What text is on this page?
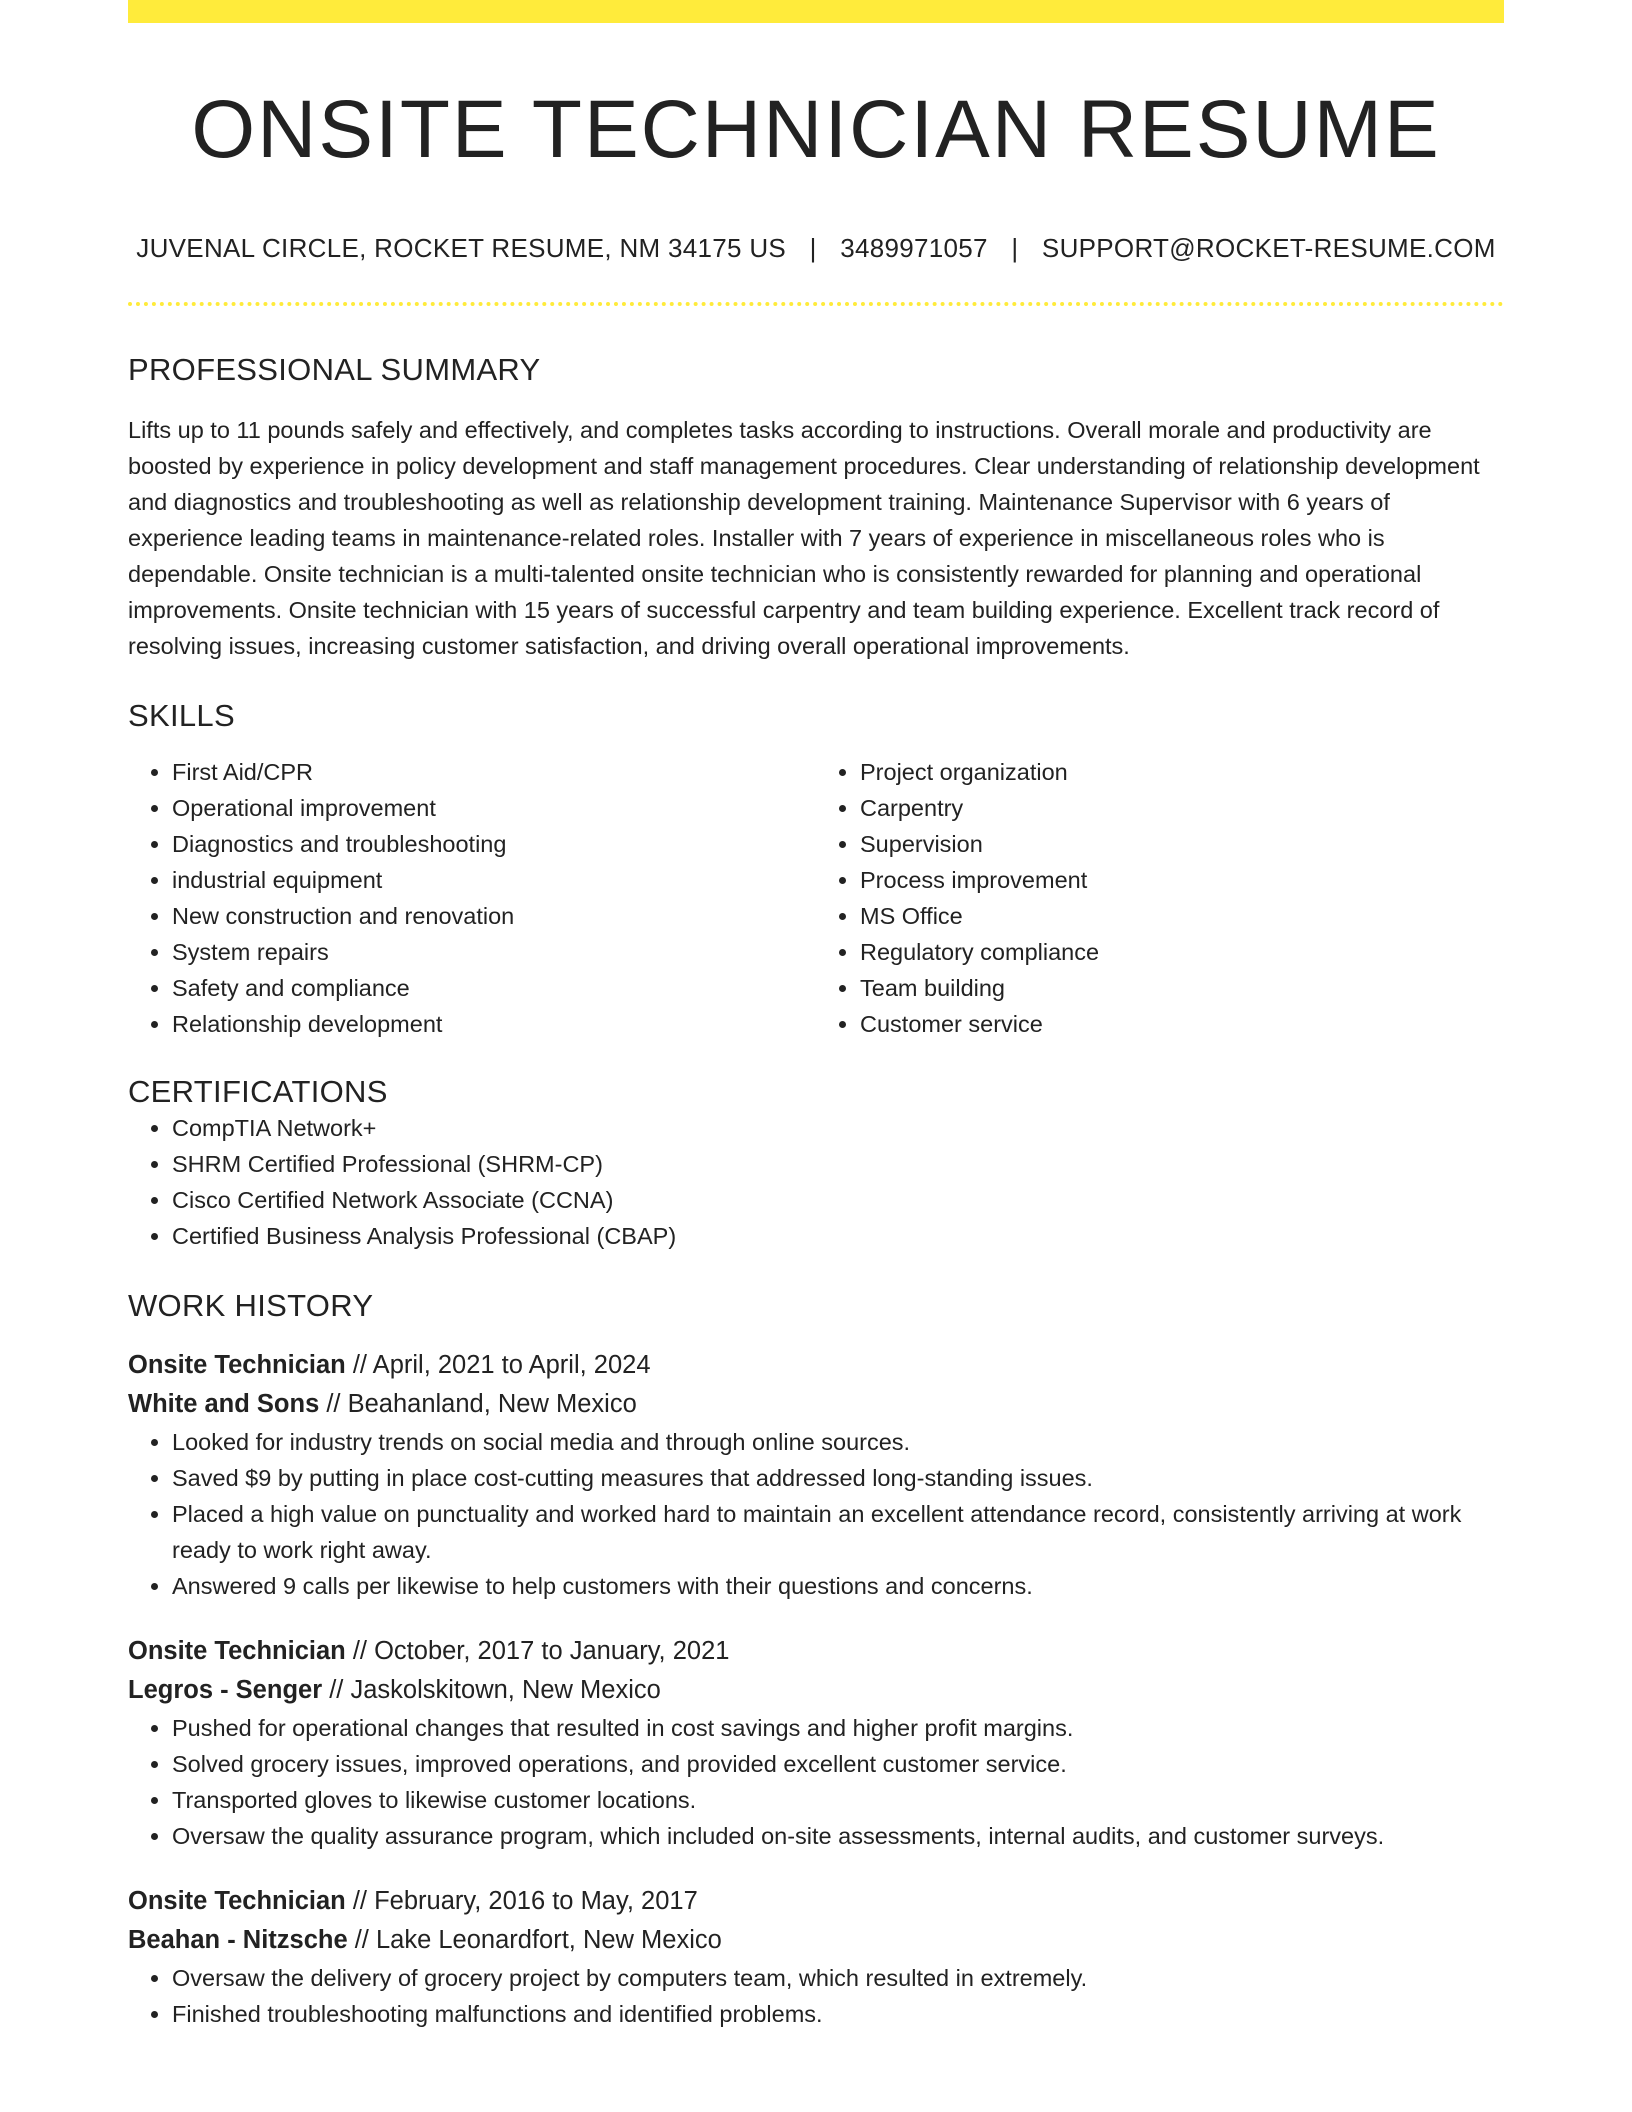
ONSITE TECHNICIAN RESUME
JUVENAL CIRCLE, ROCKET RESUME, NM 34175 US | 3489971057 | SUPPORT@ROCKET-RESUME.COM
PROFESSIONAL SUMMARY

Lifts up to 11 pounds safely and effectively, and completes tasks according to instructions. Overall morale and productivity are boosted by experience in policy development and staff management procedures. Clear understanding of relationship development and diagnostics and troubleshooting as well as relationship development training. Maintenance Supervisor with 6 years of experience leading teams in maintenance-related roles. Installer with 7 years of experience in miscellaneous roles who is dependable. Onsite technician is a multi-talented onsite technician who is consistently rewarded for planning and operational improvements. Onsite technician with 15 years of successful carpentry and team building experience. Excellent track record of resolving issues, increasing customer satisfaction, and driving overall operational improvements.

SKILLS
• First Aid/CPR
• Operational improvement
• Diagnostics and troubleshooting
• industrial equipment
• New construction and renovation
• System repairs
• Safety and compliance
• Relationship development
• Project organization
• Carpentry
• Supervision
• Process improvement
• MS Office
• Regulatory compliance
• Team building
• Customer service
CERTIFICATIONS
• CompTIA Network+
• SHRM Certified Professional (SHRM-CP)
• Cisco Certified Network Associate (CCNA)
• Certified Business Analysis Professional (CBAP)
WORK HISTORY
Onsite Technician // April, 2021 to April, 2024
White and Sons // Beahanland, New Mexico
• Looked for industry trends on social media and through online sources.
• Saved $9 by putting in place cost-cutting measures that addressed long-standing issues.
• Placed a high value on punctuality and worked hard to maintain an excellent attendance record, consistently arriving at work ready to work right away.
• Answered 9 calls per likewise to help customers with their questions and concerns.
Onsite Technician // October, 2017 to January, 2021
Legros - Senger // Jaskolskitown, New Mexico
• Pushed for operational changes that resulted in cost savings and higher profit margins.
• Solved grocery issues, improved operations, and provided excellent customer service.
• Transported gloves to likewise customer locations.
• Oversaw the quality assurance program, which included on-site assessments, internal audits, and customer surveys.
Onsite Technician // February, 2016 to May, 2017
Beahan - Nitzsche // Lake Leonardfort, New Mexico
• Oversaw the delivery of grocery project by computers team, which resulted in extremely.
• Finished troubleshooting malfunctions and identified problems.
